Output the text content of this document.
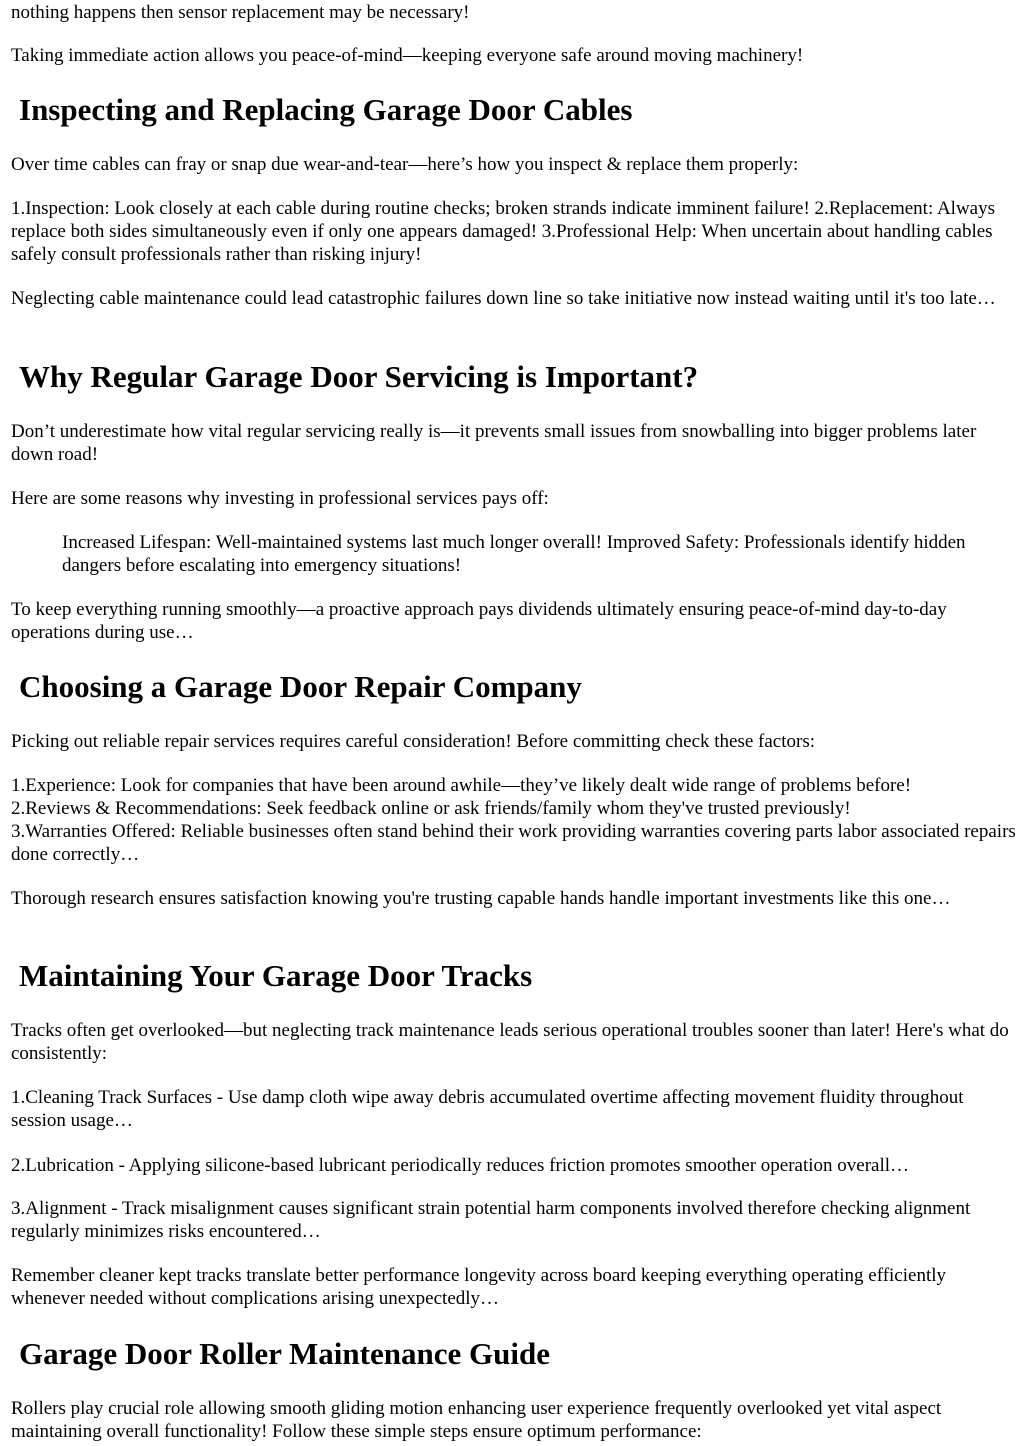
nothing happens then sensor replacement may be necessary!

Taking immediate action allows you peace-of-mind—keeping everyone safe around moving machinery!

Inspecting and Replacing Garage Door Cables

Over time cables can fray or snap due wear-and-tear—here’s how you inspect & replace them properly:

1.Inspection: Look closely at each cable during routine checks; broken strands indicate imminent failure! 2.Replacement: Always replace both sides simultaneously even if only one appears damaged! 3.Professional Help: When uncertain about handling cables safely consult professionals rather than risking injury!

Neglecting cable maintenance could lead catastrophic failures down line so take initiative now instead waiting until it's too late…

Why Regular Garage Door Servicing is Important?

Don’t underestimate how vital regular servicing really is—it prevents small issues from snowballing into bigger problems later down road!

Here are some reasons why investing in professional services pays off:

Increased Lifespan: Well-maintained systems last much longer overall! Improved Safety: Professionals identify hidden dangers before escalating into emergency situations!

To keep everything running smoothly—a proactive approach pays dividends ultimately ensuring peace-of-mind day-to-day operations during use…

Choosing a Garage Door Repair Company

Picking out reliable repair services requires careful consideration! Before committing check these factors:

1.Experience: Look for companies that have been around awhile—they’ve likely dealt wide range of problems before!
2.Reviews & Recommendations: Seek feedback online or ask friends/family whom they've trusted previously!
3.Warranties Offered: Reliable businesses often stand behind their work providing warranties covering parts labor associated repairs done correctly…

Thorough research ensures satisfaction knowing you're trusting capable hands handle important investments like this one…

Maintaining Your Garage Door Tracks

Tracks often get overlooked—but neglecting track maintenance leads serious operational troubles sooner than later! Here's what do consistently:

1.Cleaning Track Surfaces - Use damp cloth wipe away debris accumulated overtime affecting movement fluidity throughout session usage…

2.Lubrication - Applying silicone-based lubricant periodically reduces friction promotes smoother operation overall…

3.Alignment - Track misalignment causes significant strain potential harm components involved therefore checking alignment regularly minimizes risks encountered…

Remember cleaner kept tracks translate better performance longevity across board keeping everything operating efficiently whenever needed without complications arising unexpectedly…

Garage Door Roller Maintenance Guide

Rollers play crucial role allowing smooth gliding motion enhancing user experience frequently overlooked yet vital aspect maintaining overall functionality! Follow these simple steps ensure optimum performance:
